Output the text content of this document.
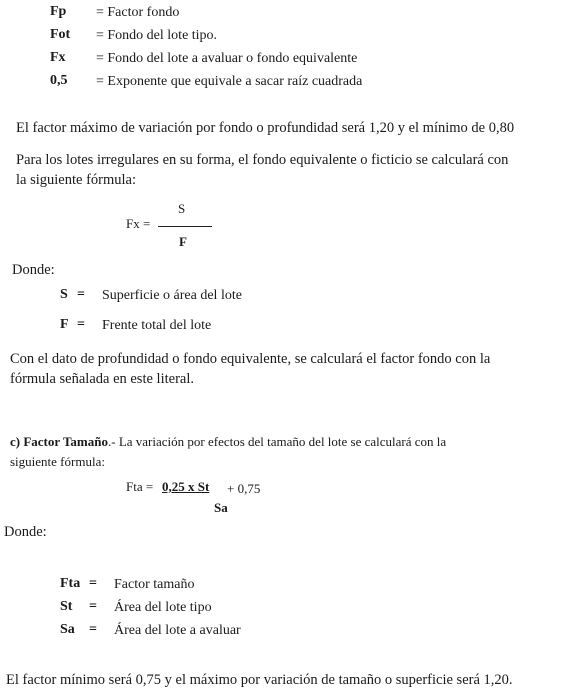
Fp = Factor fondo
Fot = Fondo del lote tipo.
Fx = Fondo del lote a avaluar o fondo equivalente
0,5 = Exponente que equivale a sacar raíz cuadrada
El factor máximo de variación por fondo o profundidad será 1,20 y el mínimo de 0,80
Para los lotes irregulares en su forma, el fondo equivalente o ficticio se calculará con
la siguiente fórmula:
Fx =
S
F
Donde:
S = Superficie o área del lote
F = Frente total del lote
Con el dato de profundidad o fondo equivalente, se calculará el factor fondo con la
fórmula señalada en este literal.
c) Factor Tamaño.- La variación por efectos del tamaño del lote se calculará con la
siguiente fórmula:
Fta = 0,25 x St + 0,75
Sa
Donde:
Fta = Factor tamaño
St = Área del lote tipo
Sa = Área del lote a avaluar
El factor mínimo será 0,75 y el máximo por variación de tamaño o superficie será 1,20.
